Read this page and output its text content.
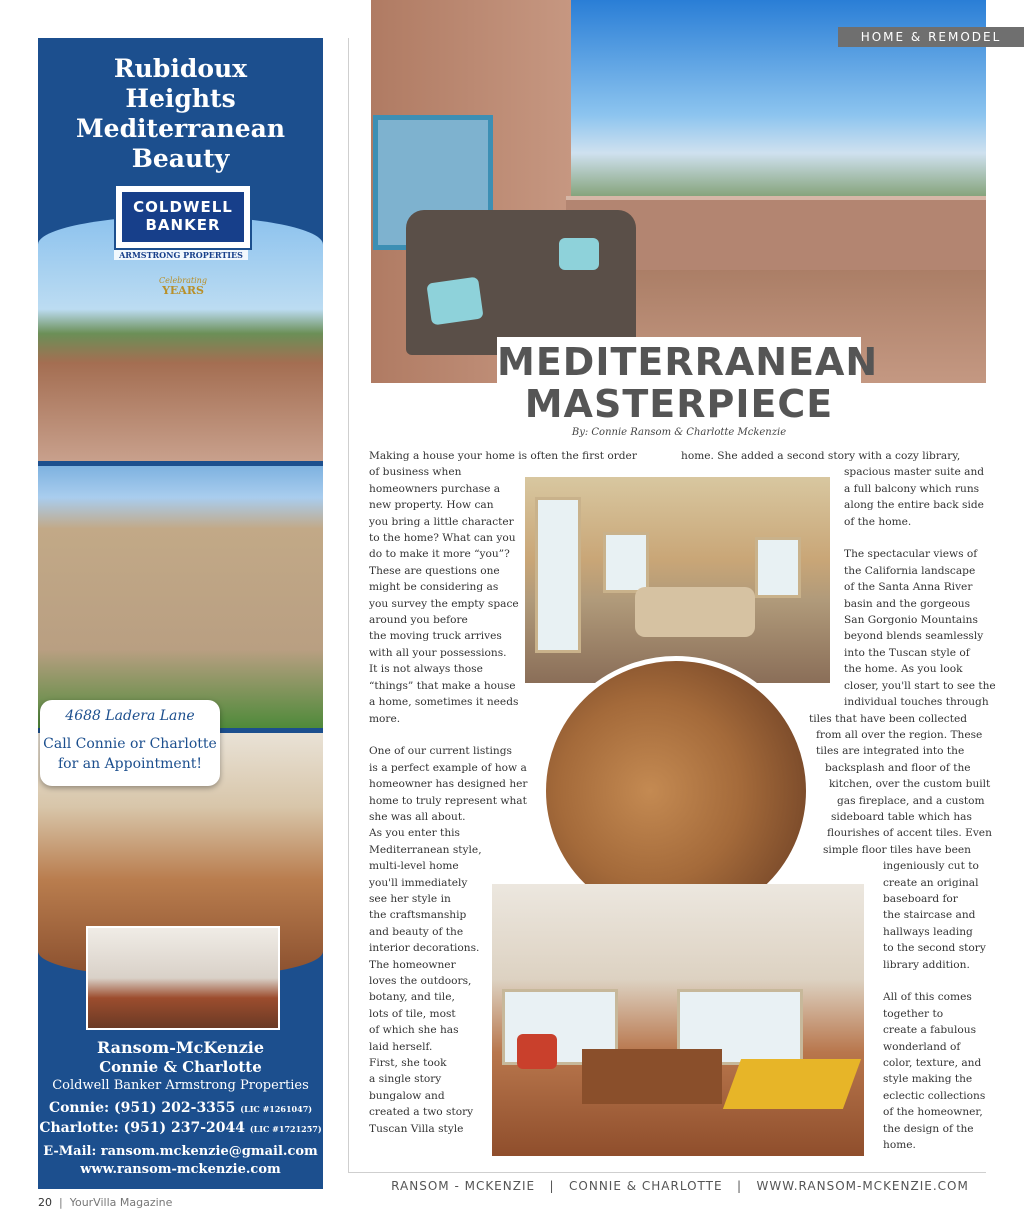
Rubidoux
Heights
Mediterranean
Beauty
COLDWELL
BANKER
ARMSTRONG PROPERTIES
Celebrating
YEARS
4688 Ladera Lane
Call Connie or Charlotte
for an Appointment!
Ransom-McKenzie
Connie & Charlotte
Coldwell Banker Armstrong Properties
Connie: (951) 202-3355 (LIC #1261047)
Charlotte: (951) 237-2044 (LIC #1721257)
E-Mail: ransom.mckenzie@gmail.com
www.ransom-mckenzie.com
HOME & REMODEL
MEDITERRANEAN
MASTERPIECE
By: Connie Ransom & Charlotte Mckenzie
Making a house your home is often the first order
of business when
homeowners purchase a
new property. How can
you bring a little character
to the home? What can you
do to make it more “you”?
These are questions one
might be considering as
you survey the empty space
around you before
the moving truck arrives
with all your possessions.
It is not always those
“things” that make a house
a home, sometimes it needs
more.

One of our current listings
is a perfect example of how a
homeowner has designed her
home to truly represent what
she was all about.
As you enter this
Mediterranean style,
multi-level home
you'll immediately
see her style in
the craftsmanship
and beauty of the
interior decorations.
The homeowner
loves the outdoors,
botany, and tile,
lots of tile, most
of which she has
laid herself.
First, she took
a single story
bungalow and
created a two story
Tuscan Villa style
home. She added a second story with a cozy library,
spacious master suite and
a full balcony which runs
along the entire back side
of the home.

The spectacular views of
the California landscape
of the Santa Anna River
basin and the gorgeous
San Gorgonio Mountains
beyond blends seamlessly
into the Tuscan style of
the home. As you look
closer, you'll start to see the
individual touches through
tiles that have been collected
from all over the region. These
tiles are integrated into the
backsplash and floor of the
kitchen, over the custom built
gas fireplace, and a custom
sideboard table which has
flourishes of accent tiles. Even
simple floor tiles have been
ingeniously cut to
create an original
baseboard for
the staircase and
hallways leading
to the second story
library addition.

All of this comes
together to
create a fabulous
wonderland of
color, texture, and
style making the
eclectic collections
of the homeowner,
the design of the
home.
RANSOM - MCKENZIE   |   CONNIE & CHARLOTTE   |   WWW.RANSOM-MCKENZIE.COM
20  |  YourVilla Magazine
